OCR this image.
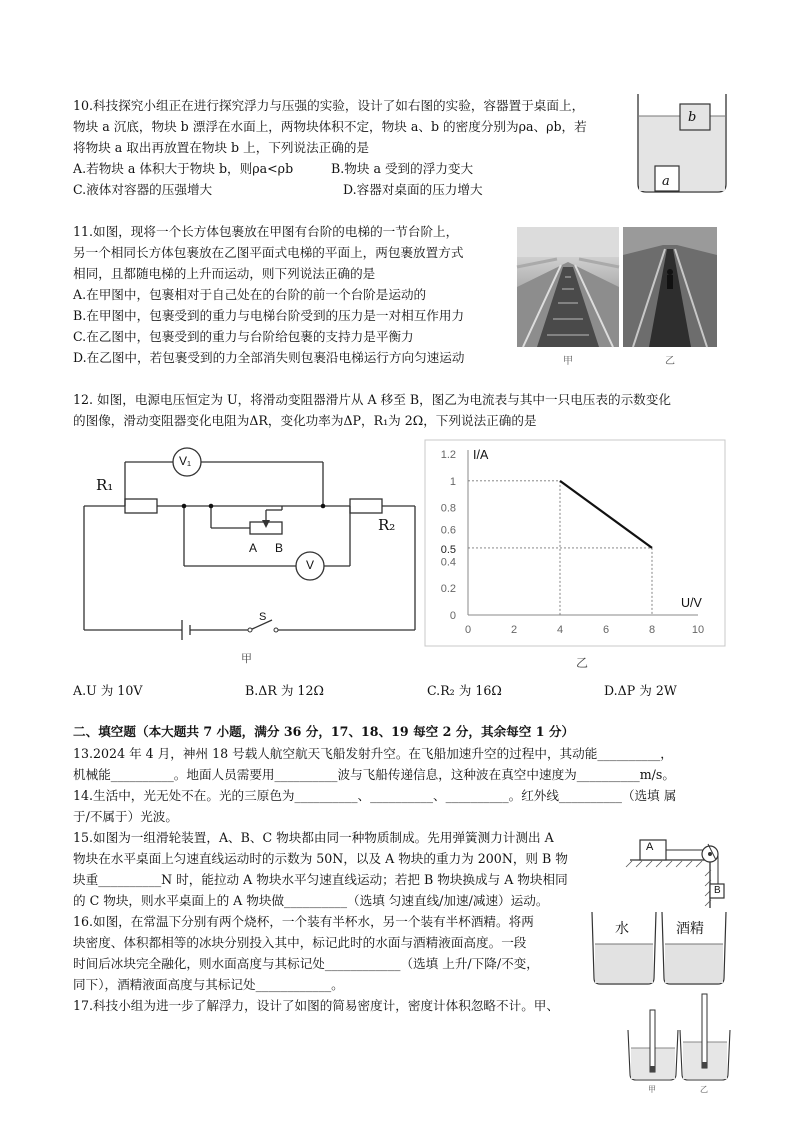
10.科技探究小组正在进行探究浮力与压强的实验，设计了如右图的实验，容器置于桌面上，
物块 a 沉底，物块 b 漂浮在水面上，两物块体积不定，物块 a、b 的密度分别为ρa、ρb，若
将物块 a 取出再放置在物块 b 上，下列说法正确的是
A.若物块 a 体积大于物块 b，则ρa<ρb	B.物块 a 受到的浮力变大
C.液体对容器的压强增大	D.容器对桌面的压力增大
b
a
11.如图，现将一个长方体包裹放在甲图有台阶的电梯的一节台阶上，
另一个相同长方体包裹放在乙图平面式电梯的平面上，两包裹放置方式
相同，且都随电梯的上升而运动，则下列说法正确的是
A.在甲图中，包裹相对于自己处在的台阶的前一个台阶是运动的
B.在甲图中，包裹受到的重力与电梯台阶受到的压力是一对相互作用力
C.在乙图中，包裹受到的重力与台阶给包裹的支持力是平衡力
D.在乙图中，若包裹受到的力全部消失则包裹沿电梯运行方向匀速运动	甲	乙
12. 如图，电源电压恒定为 U，将滑动变阻器滑片从 A 移至 B，图乙为电流表与其中一只电压表的示数变化
的图像，滑动变阻器变化电阻为ΔR，变化功率为ΔP，R₁为 2Ω，下列说法正确的是
V₁
V
R₁
R₂
A B
S
甲
0	2	4	6	8	10
0
0.2
0.4
0.5
0.6
0.8
1
1.2 I/A
U/V
乙
A.U 为 10V	B.ΔR 为 12Ω	C.R₂ 为 16Ω	D.ΔP 为 2W
二、填空题（本大题共 7 小题，满分 36 分，17、18、19 每空 2 分，其余每空 1 分）
13.2024 年 4 月，神州 18 号载人航空航天飞船发射升空。在飞船加速升空的过程中，其动能__________，
机械能__________。地面人员需要用__________波与飞船传递信息，这种波在真空中速度为__________m/s。
14.生活中，光无处不在。光的三原色为__________、__________、__________。红外线__________（选填 属
于/不属于）光波。
15.如图为一组滑轮装置，A、B、C 物块都由同一种物质制成。先用弹簧测力计测出 A
物块在水平桌面上匀速直线运动时的示数为 50N，以及 A 物块的重力为 200N，则 B 物
块重__________N 时，能拉动 A 物块水平匀速直线运动；若把 B 物块换成与 A 物块相同
的 C 物块，则水平桌面上的 A 物块做__________（选填 匀速直线/加速/减速）运动。
A
B
16.如图，在常温下分别有两个烧杯，一个装有半杯水，另一个装有半杯酒精。将两
块密度、体积都相等的冰块分别投入其中，标记此时的水面与酒精液面高度。一段
时间后冰块完全融化，则水面高度与其标记处____________（选填 上升/下降/不变，
同下），酒精液面高度与其标记处____________。
水	酒精
17.科技小组为进一步了解浮力，设计了如图的简易密度计，密度计体积忽略不计。甲、
甲	乙
